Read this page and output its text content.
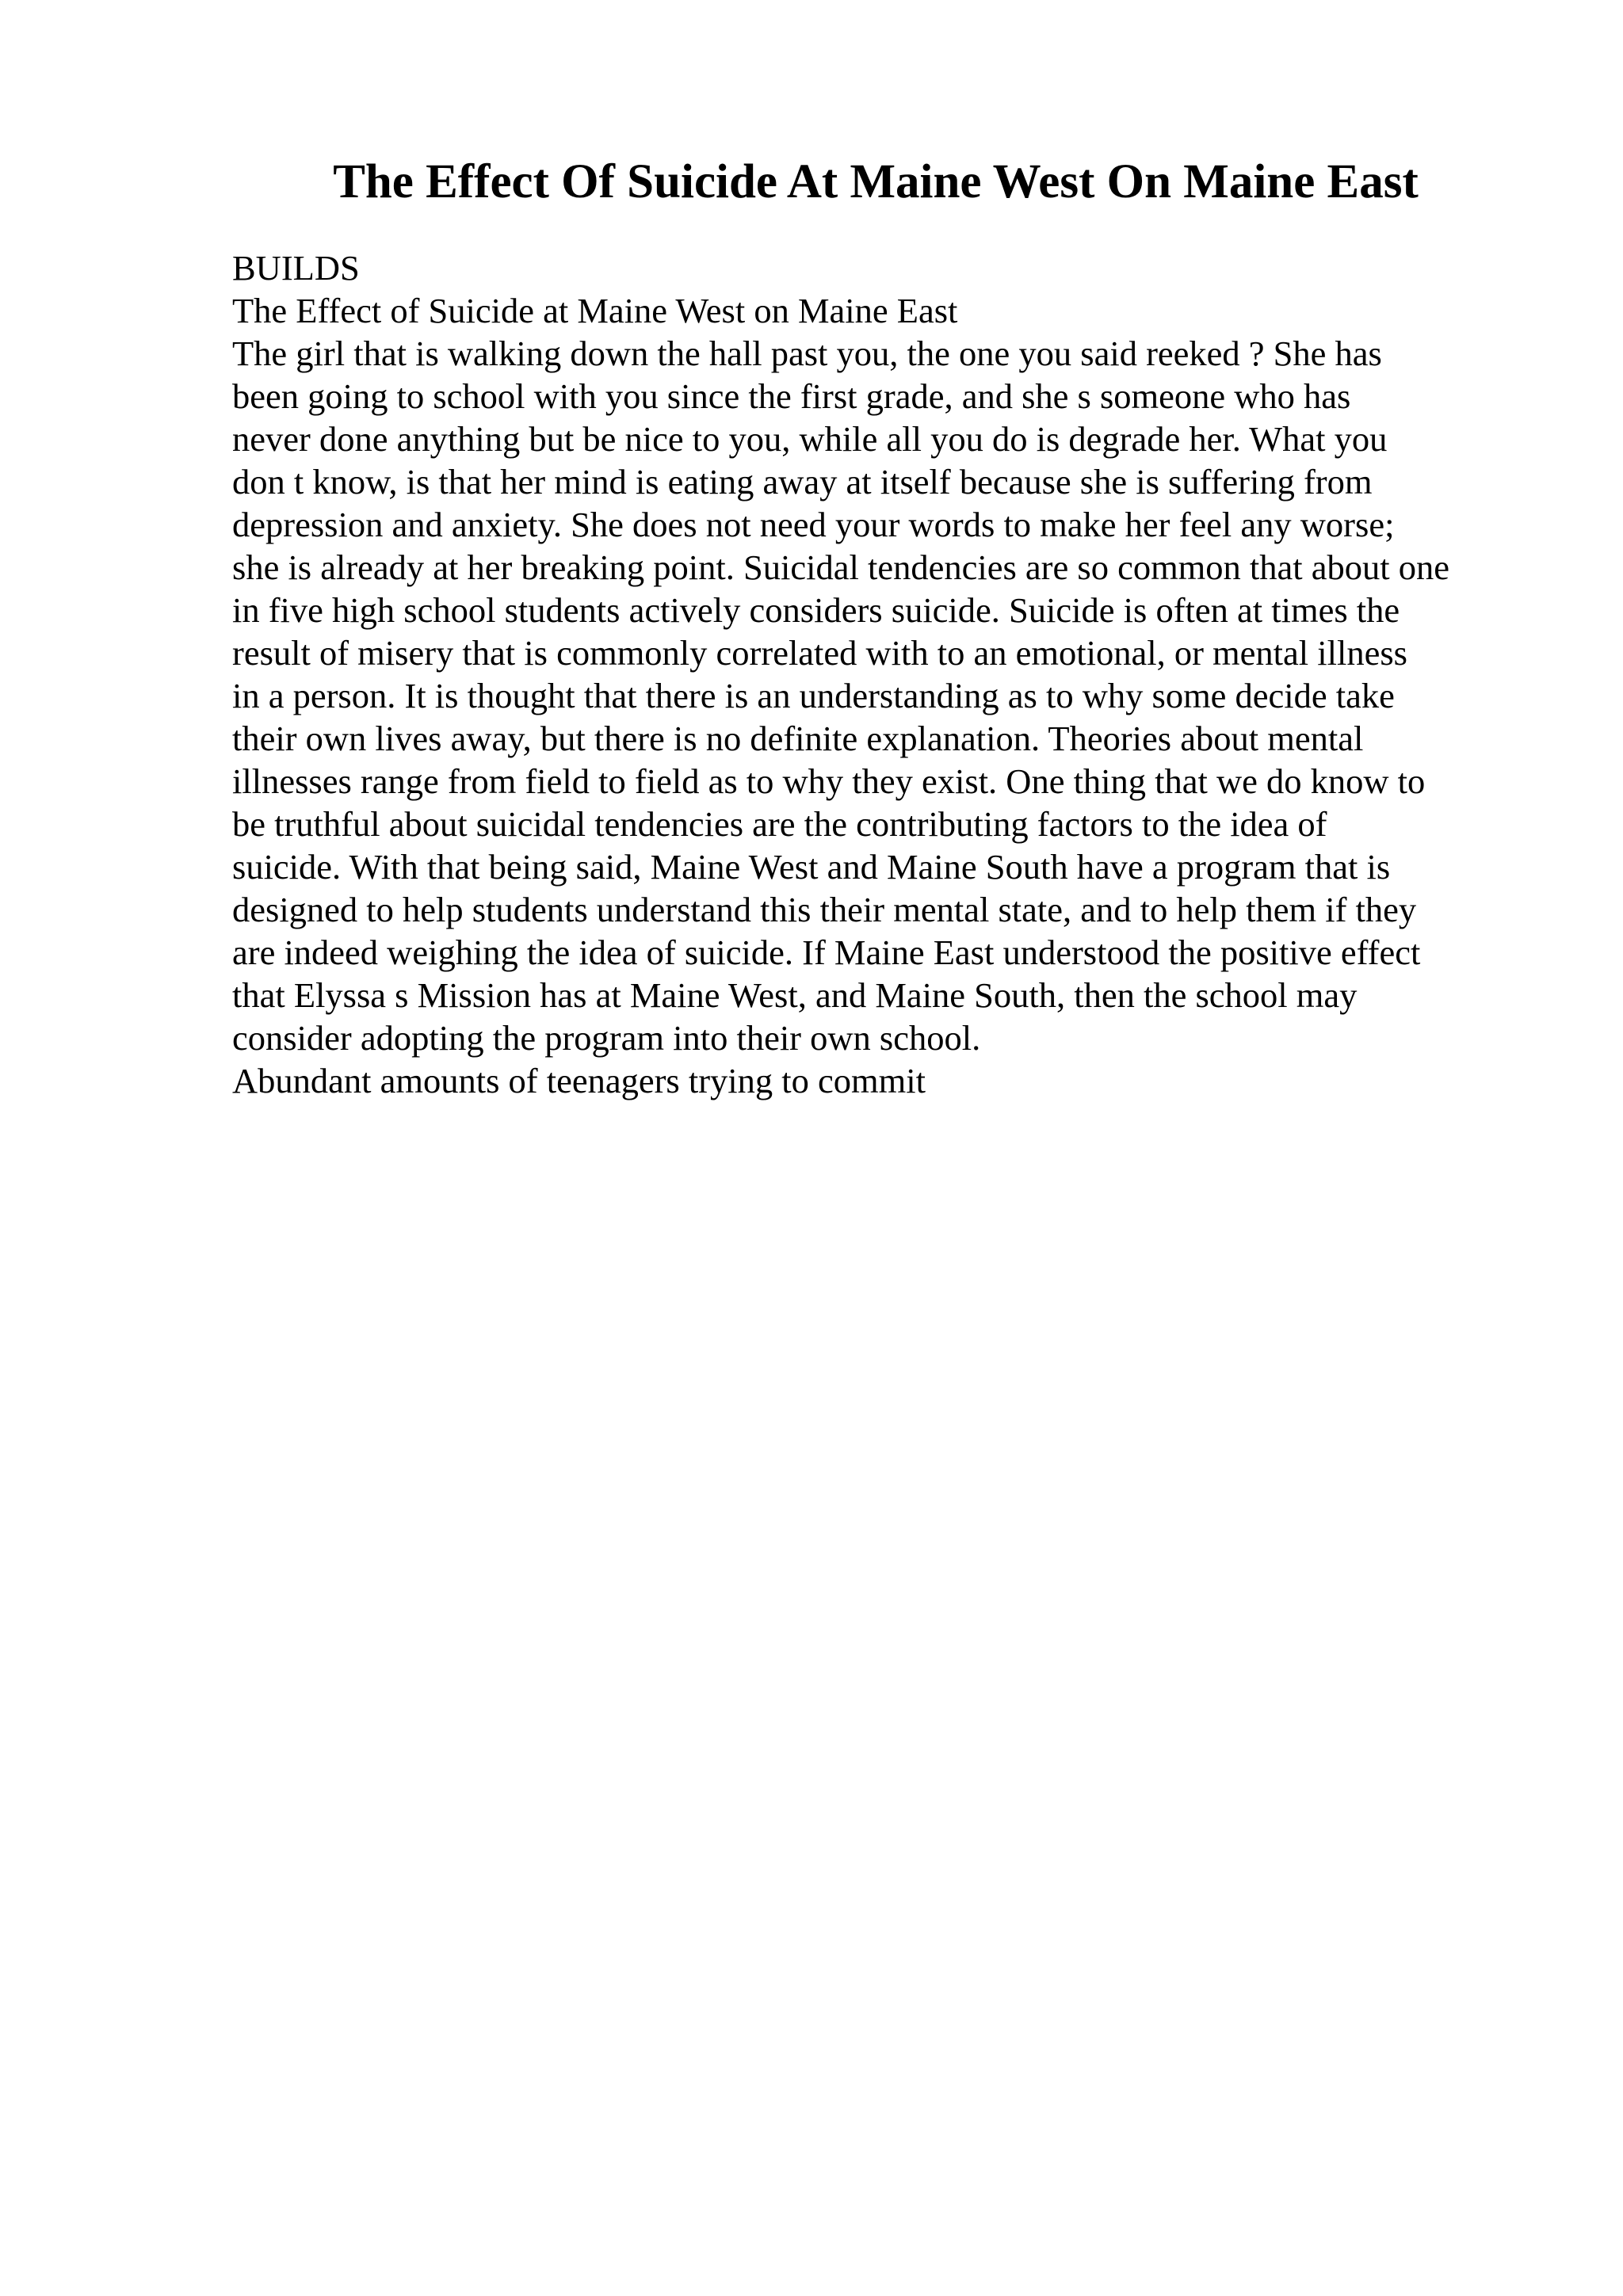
The Effect Of Suicide At Maine West On Maine East
BUILDS
The Effect of Suicide at Maine West on Maine East
The girl that is walking down the hall past you, the one you said reeked ? She has
been going to school with you since the first grade, and she s someone who has
never done anything but be nice to you, while all you do is degrade her. What you
don t know, is that her mind is eating away at itself because she is suffering from
depression and anxiety. She does not need your words to make her feel any worse;
she is already at her breaking point. Suicidal tendencies are so common that about one
in five high school students actively considers suicide. Suicide is often at times the
result of misery that is commonly correlated with to an emotional, or mental illness
in a person. It is thought that there is an understanding as to why some decide take
their own lives away, but there is no definite explanation. Theories about mental
illnesses range from field to field as to why they exist. One thing that we do know to
be truthful about suicidal tendencies are the contributing factors to the idea of
suicide. With that being said, Maine West and Maine South have a program that is
designed to help students understand this their mental state, and to help them if they
are indeed weighing the idea of suicide. If Maine East understood the positive effect
that Elyssa s Mission has at Maine West, and Maine South, then the school may
consider adopting the program into their own school.
Abundant amounts of teenagers trying to commit
